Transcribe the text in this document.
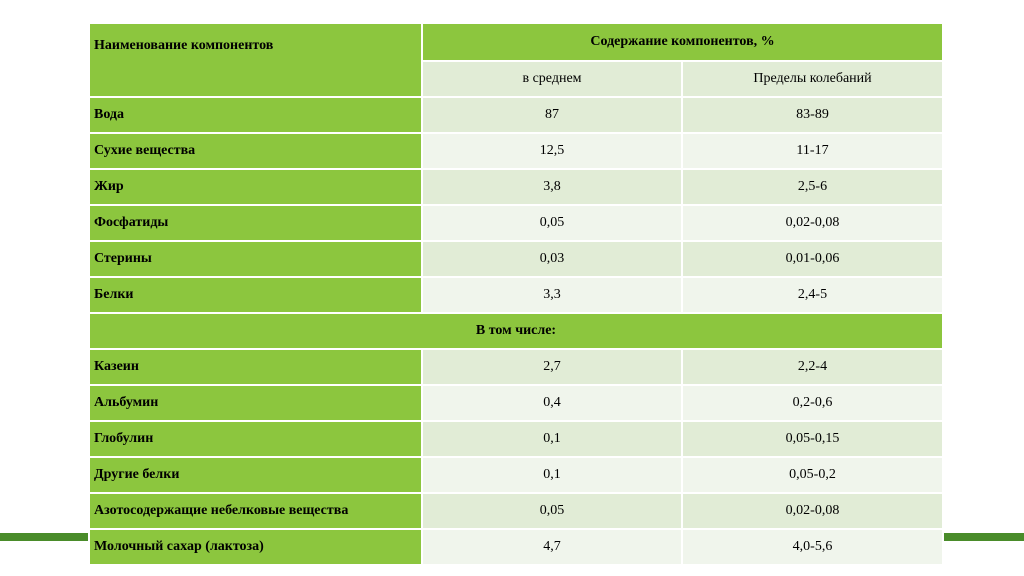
Наименование компонентов	Содержание компонентов, %	
	в среднем	Пределы колебаний
Вода	87	83-89
Сухие вещества	12,5	11-17
Жир	3,8	2,5-6
Фосфатиды	0,05	0,02-0,08
Стерины	0,03	0,01-0,06
Белки	3,3	2,4-5
В том числе:		
Казеин	2,7	2,2-4
Альбумин	0,4	0,2-0,6
Глобулин	0,1	0,05-0,15
Другие белки	0,1	0,05-0,2
Азотосодержащие небелковые вещества	0,05	0,02-0,08
Молочный сахар (лактоза)	4,7	4,0-5,6
